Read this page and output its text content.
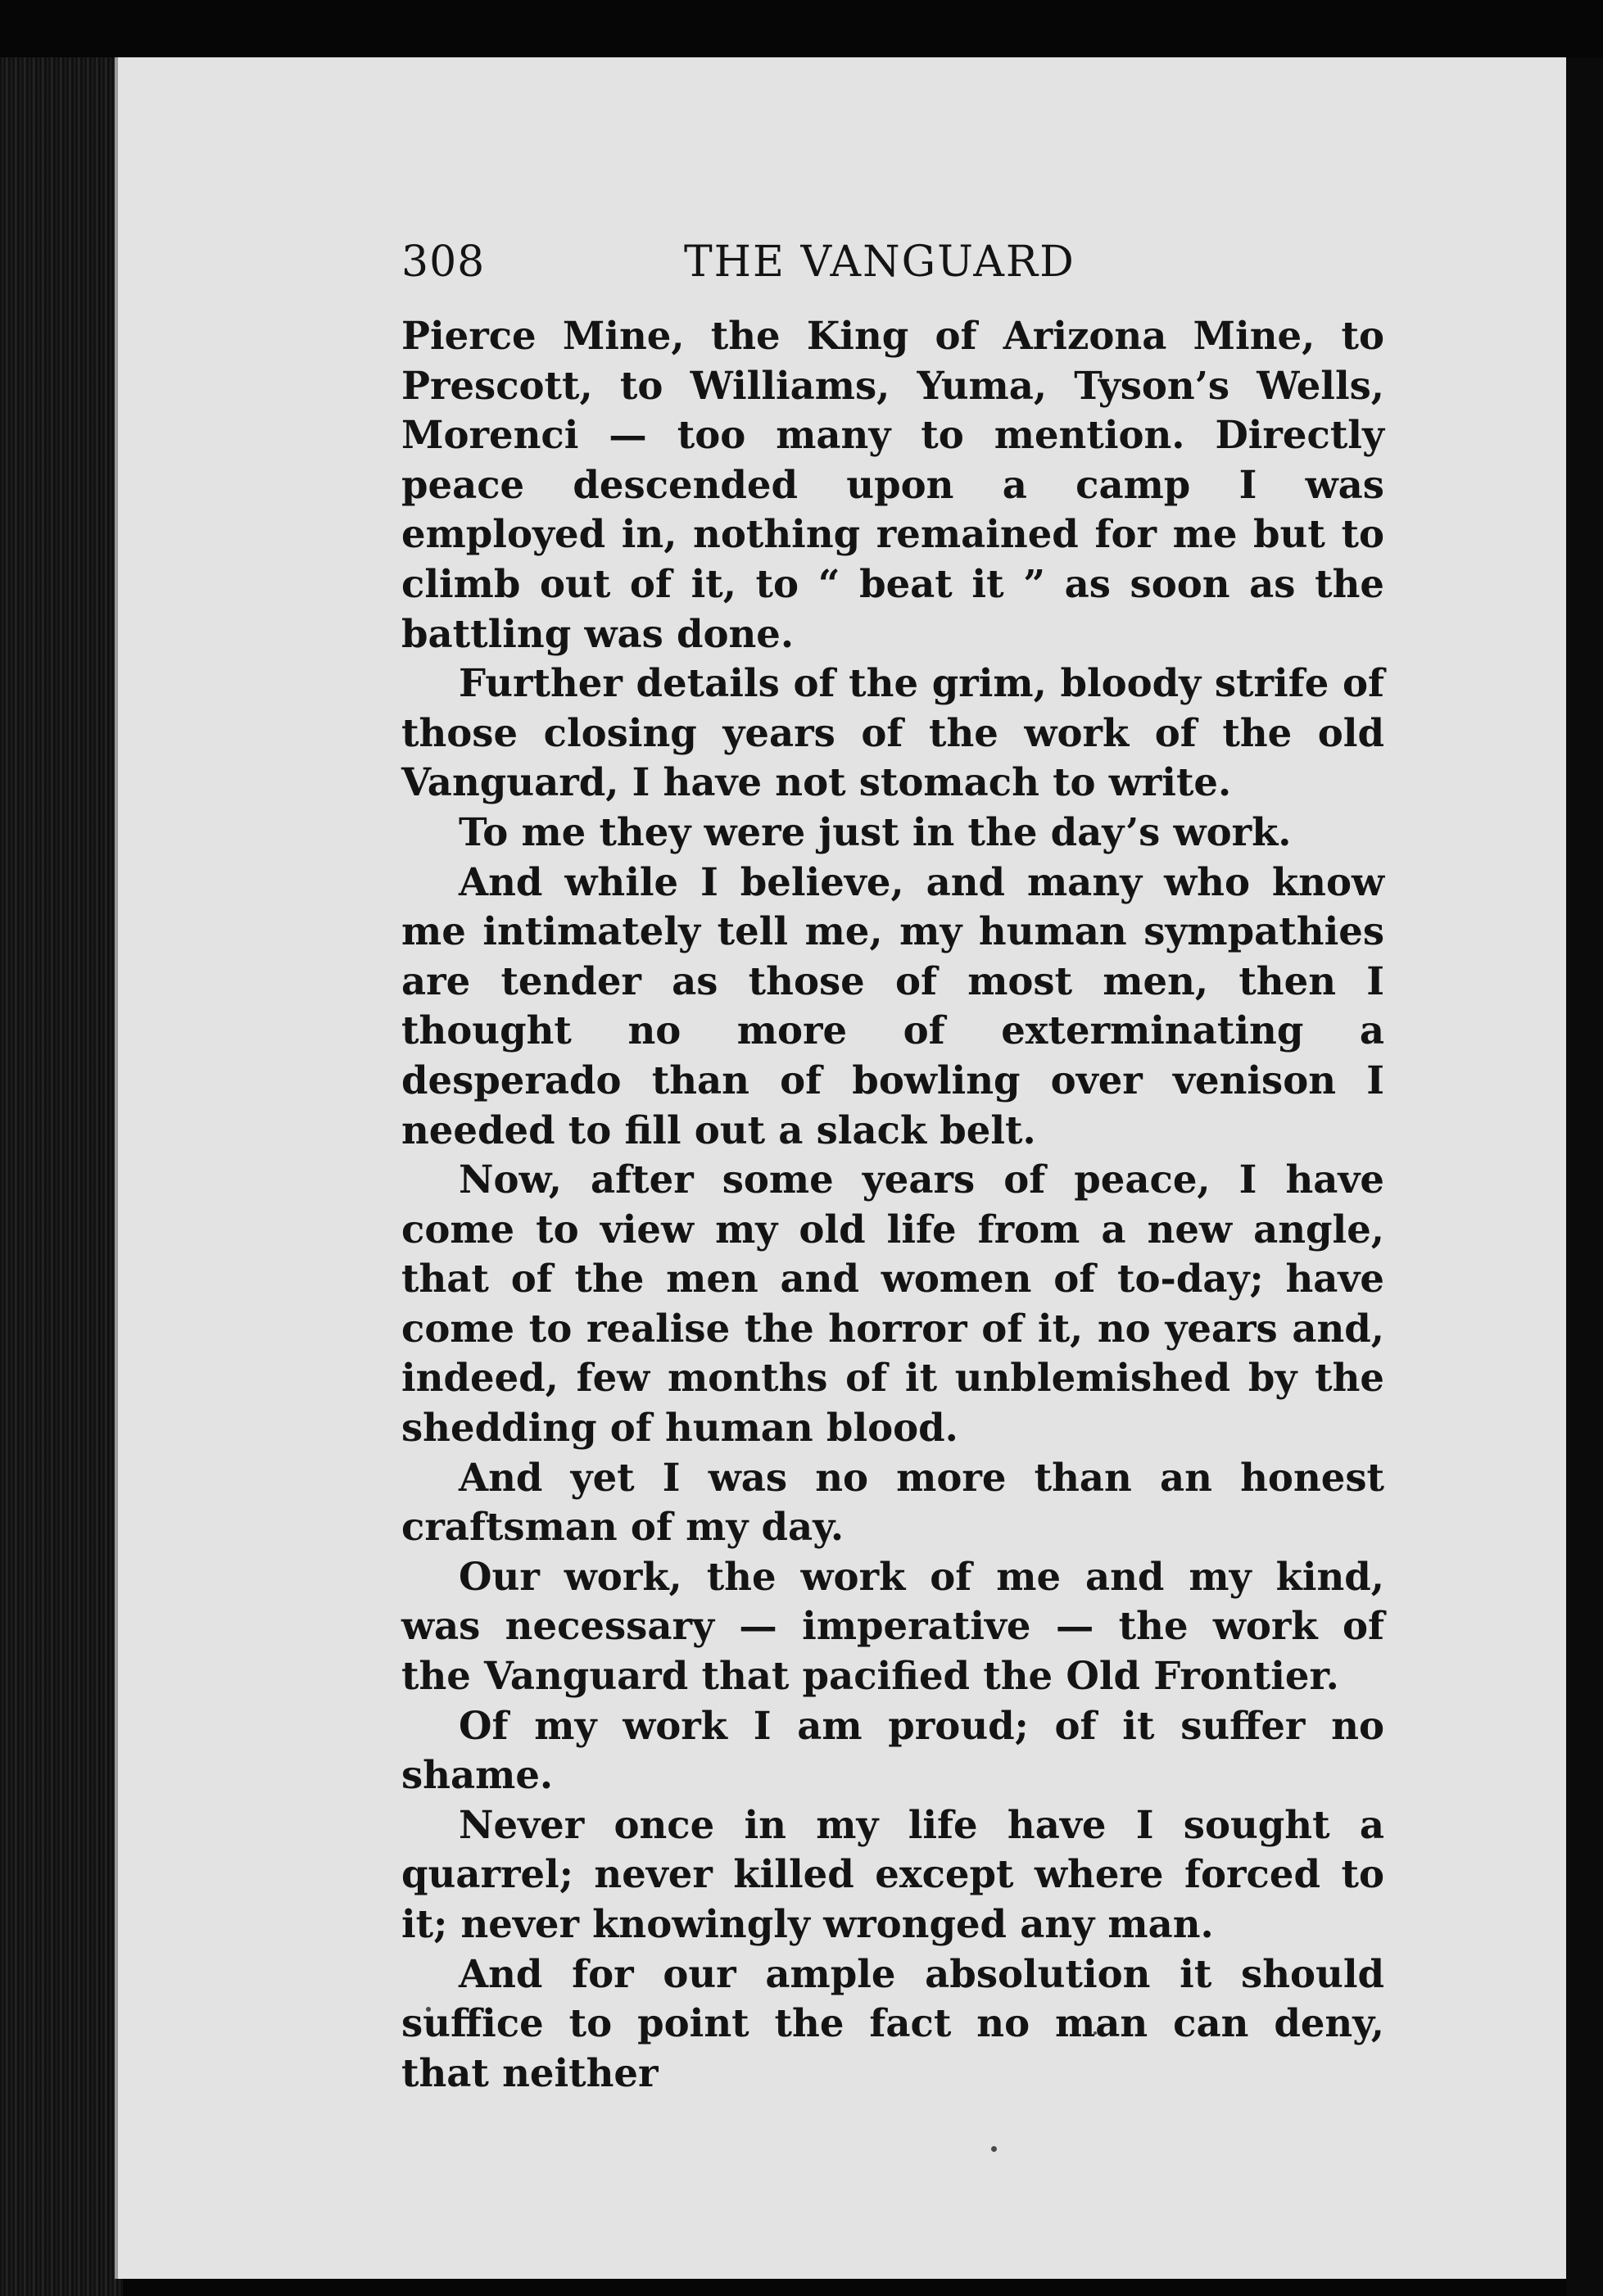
308	THE VANGUARD

Pierce Mine, the King of Arizona Mine, to Prescott, to Williams, Yuma, Tyson’s Wells, Morenci — too many to mention. Directly peace descended upon a camp I was employed in, nothing remained for me but to climb out of it, to “ beat it ” as soon as the battling was done.

Further details of the grim, bloody strife of those closing years of the work of the old Vanguard, I have not stomach to write.

To me they were just in the day’s work.

And while I believe, and many who know me intimately tell me, my human sympathies are tender as those of most men, then I thought no more of exterminating a desperado than of bowling over venison I needed to fill out a slack belt.

Now, after some years of peace, I have come to view my old life from a new angle, that of the men and women of to-day; have come to realise the horror of it, no years and, indeed, few months of it unblemished by the shedding of human blood.

And yet I was no more than an honest craftsman of my day.

Our work, the work of me and my kind, was necessary — imperative — the work of the Vanguard that pacified the Old Frontier.

Of my work I am proud; of it suffer no shame.

Never once in my life have I sought a quarrel; never killed except where forced to it; never knowingly wronged any man.

And for our ample absolution it should suffice to point the fact no man can deny, that neither
